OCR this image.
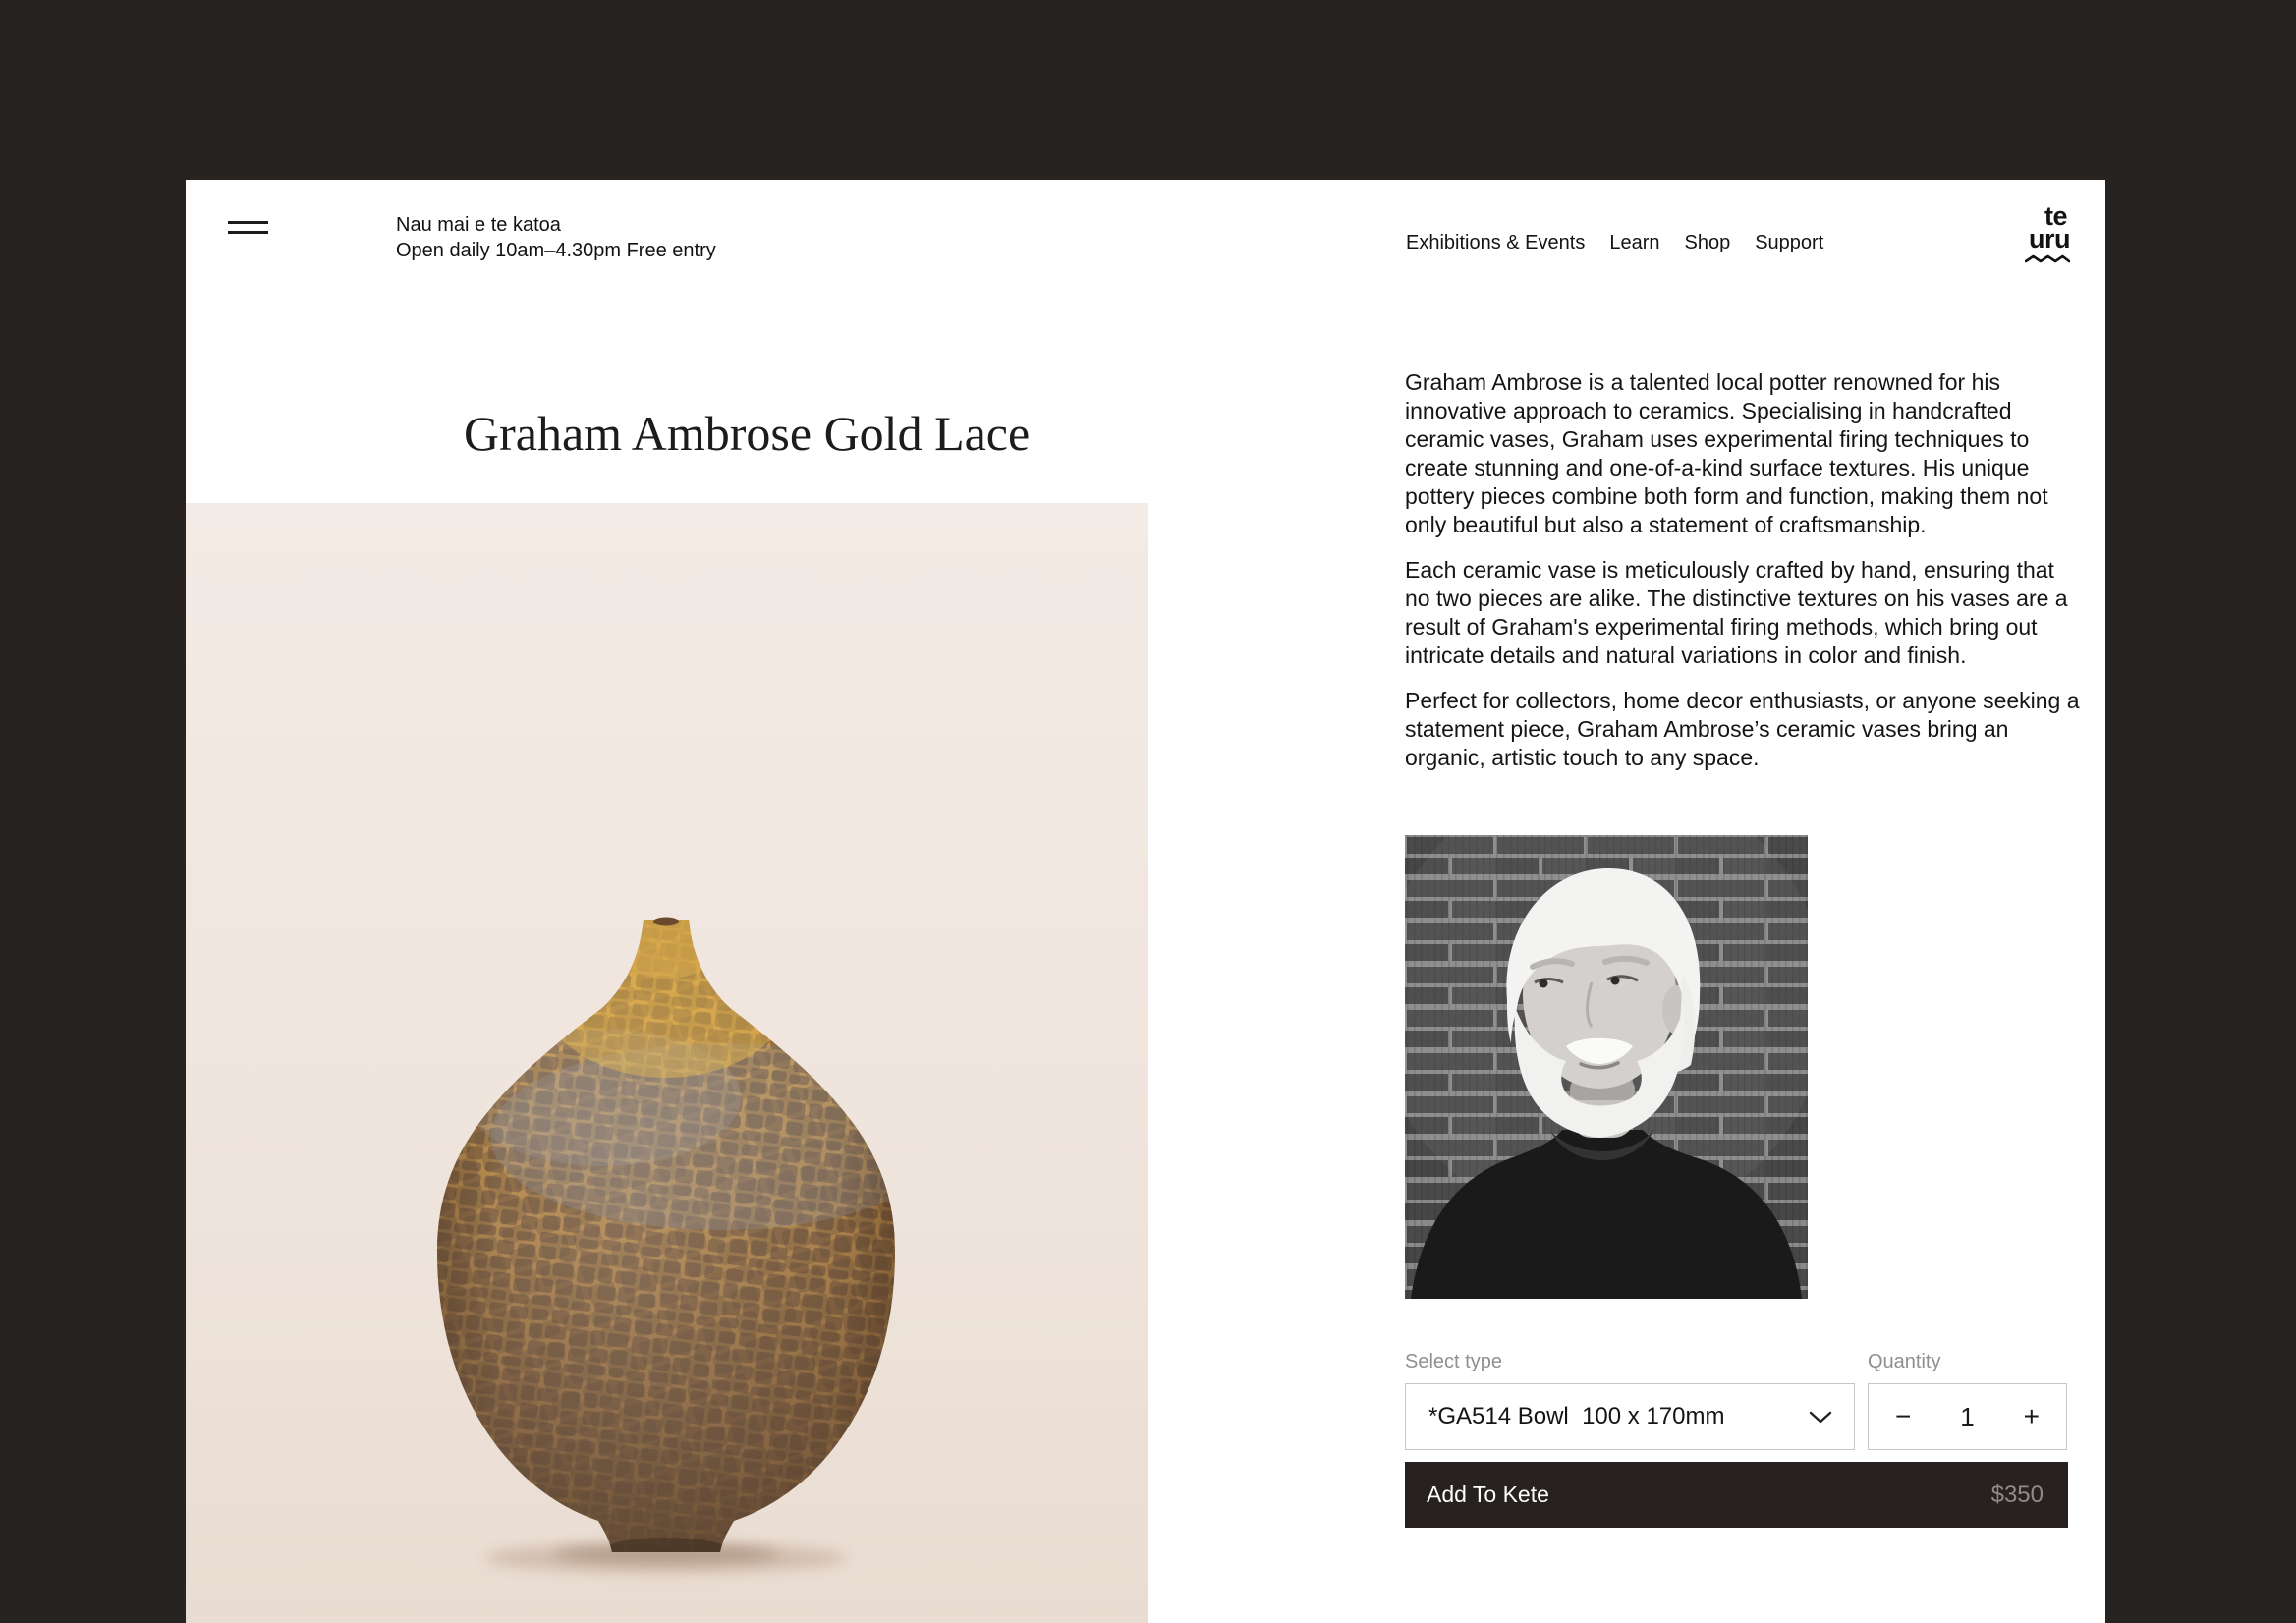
Nau mai e te katoa
Open daily 10am–4.30pm Free entry	Exhibitions & Events Learn Shop Support
te
uru
Graham Ambrose Gold Lace

Graham Ambrose is a talented local potter renowned for his innovative approach to ceramics. Specialising in handcrafted ceramic vases, Graham uses experimental firing techniques to create stunning and one-of-a-kind surface textures. His unique pottery pieces combine both form and function, making them not only beautiful but also a statement of craftsmanship.

Each ceramic vase is meticulously crafted by hand, ensuring that no two pieces are alike. The distinctive textures on his vases are a result of Graham's experimental firing methods, which bring out intricate details and natural variations in color and finish.

Perfect for collectors, home decor enthusiasts, or anyone seeking a statement piece, Graham Ambrose’s ceramic vases bring an organic, artistic touch to any space.

Select type	Quantity
*GA514 Bowl  100 x 170mm	− 1 +
Add To Kete	$350
